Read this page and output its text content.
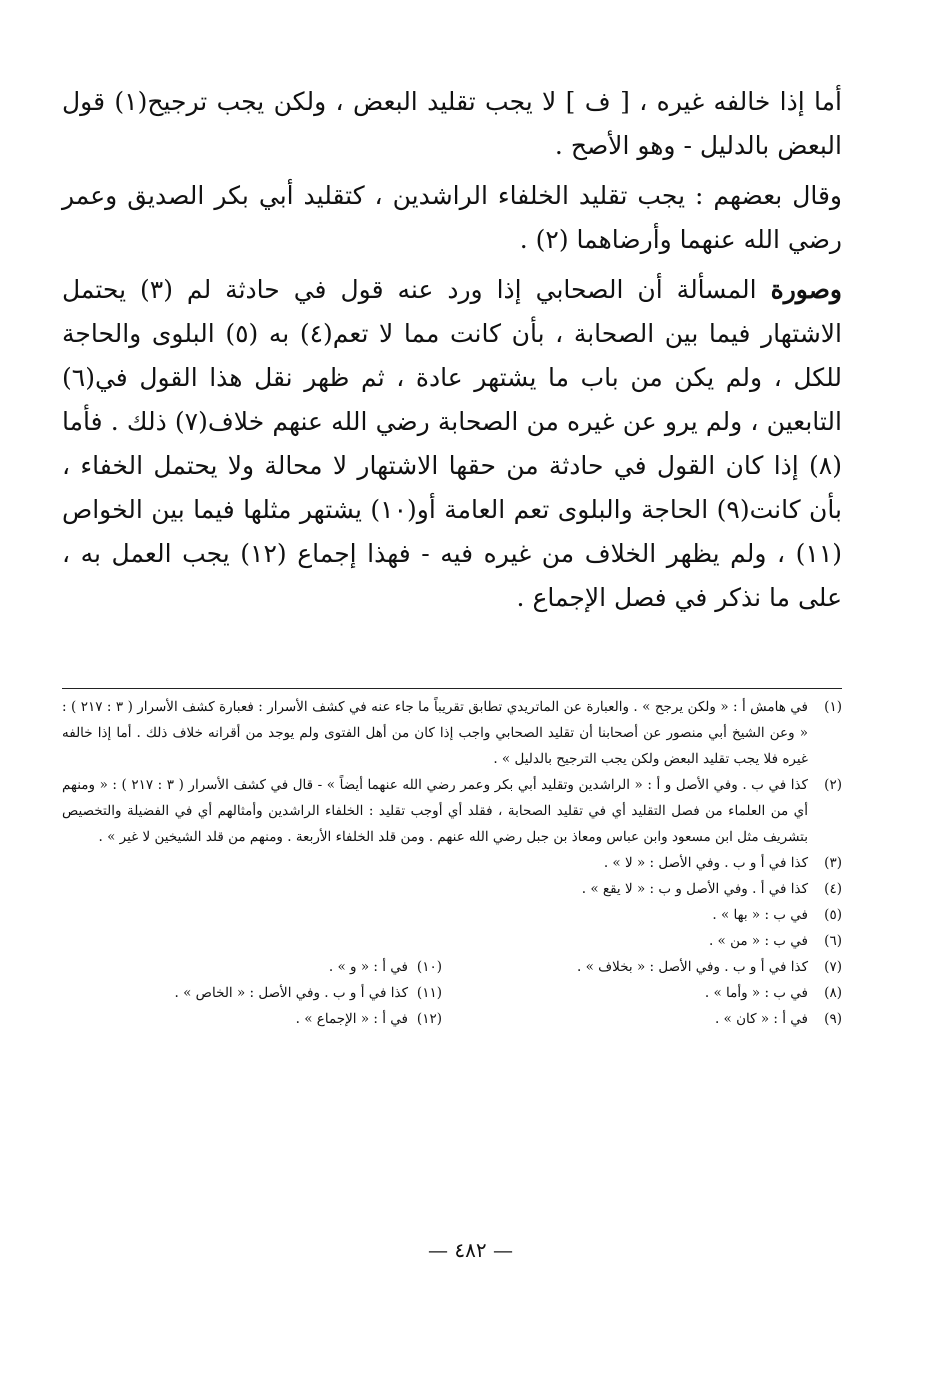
أما إذا خالفه غيره ، [ ف ] لا يجب تقليد البعض ، ولكن يجب ترجيح(١) قول البعض بالدليل - وهو الأصح .

وقال بعضهم : يجب تقليد الخلفاء الراشدين ، كتقليد أبي بكر الصديق وعمر رضي الله عنهما وأرضاهما (٢) .

وصورة المسألة أن الصحابي إذا ورد عنه قول في حادثة لم (٣) يحتمل الاشتهار فيما بين الصحابة ، بأن كانت مما لا تعم(٤) به (٥) البلوى والحاجة للكل ، ولم يكن من باب ما يشتهر عادة ، ثم ظهر نقل هذا القول في(٦) التابعين ، ولم يرو عن غيره من الصحابة رضي الله عنهم خلاف(٧) ذلك . فأما (٨) إذا كان القول في حادثة من حقها الاشتهار لا محالة ولا يحتمل الخفاء ، بأن كانت(٩) الحاجة والبلوى تعم العامة أو(١٠) يشتهر مثلها فيما بين الخواص (١١) ، ولم يظهر الخلاف من غيره فيه - فهذا إجماع (١٢) يجب العمل به ، على ما نذكر في فصل الإجماع .

(١)
في هامش أ : « ولكن يرجح » . والعبارة عن الماتريدي تطابق تقريباً ما جاء عنه في كشف الأسرار : فعبارة كشف الأسرار ( ٣ : ٢١٧ ) : « وعن الشيخ أبي منصور عن أصحابنا أن تقليد الصحابي واجب إذا كان من أهل الفتوى ولم يوجد من أقرانه خلاف ذلك . أما إذا خالفه غيره فلا يجب تقليد البعض ولكن يجب الترجيح بالدليل » .
(٢)
كذا في ب . وفي الأصل و أ : « الراشدين وتقليد أبي بكر وعمر رضي الله عنهما أيضاً » - قال في كشف الأسرار ( ٣ : ٢١٧ ) : « ومنهم أي من العلماء من فصل التقليد أي في تقليد الصحابة ، فقلد أي أوجب تقليد : الخلفاء الراشدين وأمثالهم أي في الفضيلة والتخصيص بتشريف مثل ابن مسعود وابن عباس ومعاذ بن جبل رضي الله عنهم . ومن قلد الخلفاء الأربعة . ومنهم من قلد الشيخين لا غير » .
(٣)
كذا في أ و ب . وفي الأصل : « لا » .
(٤)
كذا في أ . وفي الأصل و ب : « لا يقع » .
(٥)
في ب : « بها » .
(٦)
في ب : « من » .
(٧)
كذا في أ و ب . وفي الأصل : « بخلاف » .
(١٠)
في أ : « و » .
(٨)
في ب : « وأما » .
(١١)
كذا في أ و ب . وفي الأصل : « الخاص » .
(٩)
في أ : « كان » .
(١٢)
في أ : « الإجماع » .
— ٤٨٢ —
